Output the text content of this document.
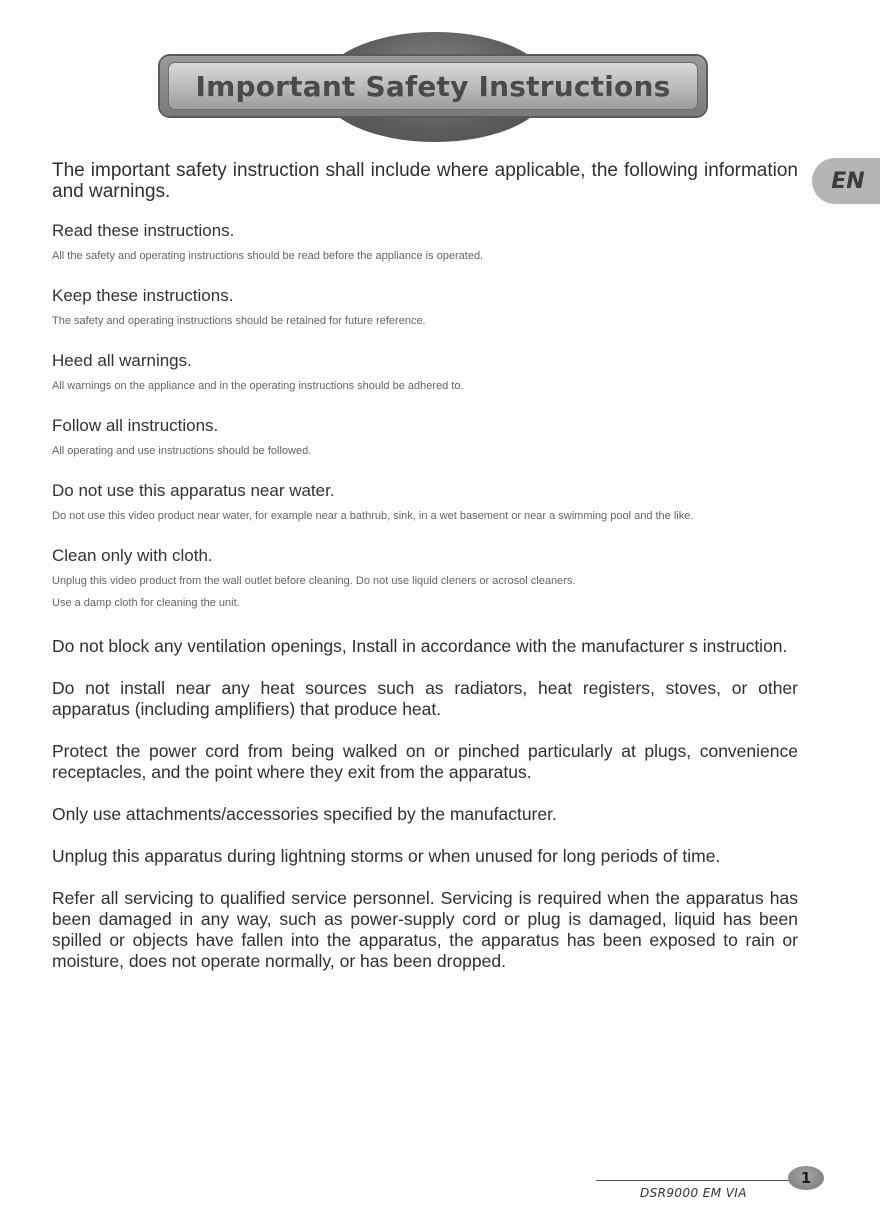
Important Safety Instructions
EN

The important safety instruction shall include where applicable, the following information and warnings.

Read these instructions.

All the safety and operating instructions should be read before the appliance is operated.

Keep these instructions.

The safety and operating instructions should be retained for future reference.

Heed all warnings.

All warnings on the appliance and in the operating instructions should be adhered to.

Follow all instructions.

All operating and use instructions should be followed.

Do not use this apparatus near water.

Do not use this video product near water, for example near a bathrub, sink, in a wet basement or near a swimming pool and the like.

Clean only with cloth.

Unplug this video product from the wall outlet before cleaning. Do not use liquid cleners or acrosol cleaners.

Use a damp cloth for cleaning the unit.

Do not block any ventilation openings, Install in accordance with the manufacturer s instruction.

Do not install near any heat sources such as radiators, heat registers, stoves, or other apparatus (including amplifiers) that produce heat.

Protect the power cord from being walked on or pinched particularly at plugs, convenience receptacles, and the point where they exit from the apparatus.

Only use attachments/accessories specified by the manufacturer.

Unplug this apparatus during lightning storms or when unused for long periods of time.

Refer all servicing to qualified service personnel. Servicing is required when the apparatus has been damaged in any way, such as power-supply cord or plug is damaged, liquid has been spilled or objects have fallen into the apparatus, the apparatus has been exposed to rain or moisture, does not operate normally, or has been dropped.

1
DSR9000 EM VIA
